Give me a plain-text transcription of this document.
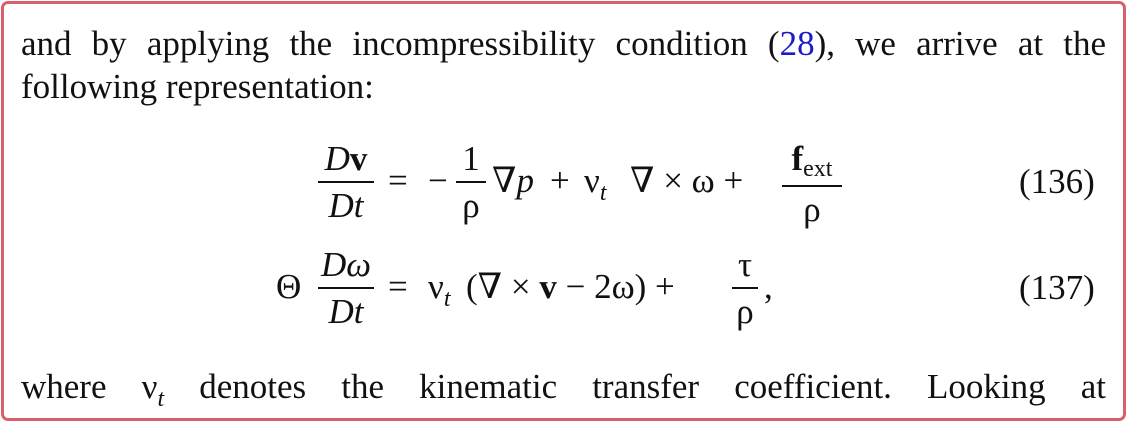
and by applying the incompressibility condition (28), we arrive at the following representation:
Dv
Dt
= −
1
ρ
$\nabla p + \nu_t$ ∇ × ω +
fext
ρ
(136)
Θ
Dω
Dt
= $\nu_t$ (∇ × v − 2ω) +
τ
ρ
,	(137)
where $\nu_t$ denotes the kinematic transfer coefficient. Looking at
